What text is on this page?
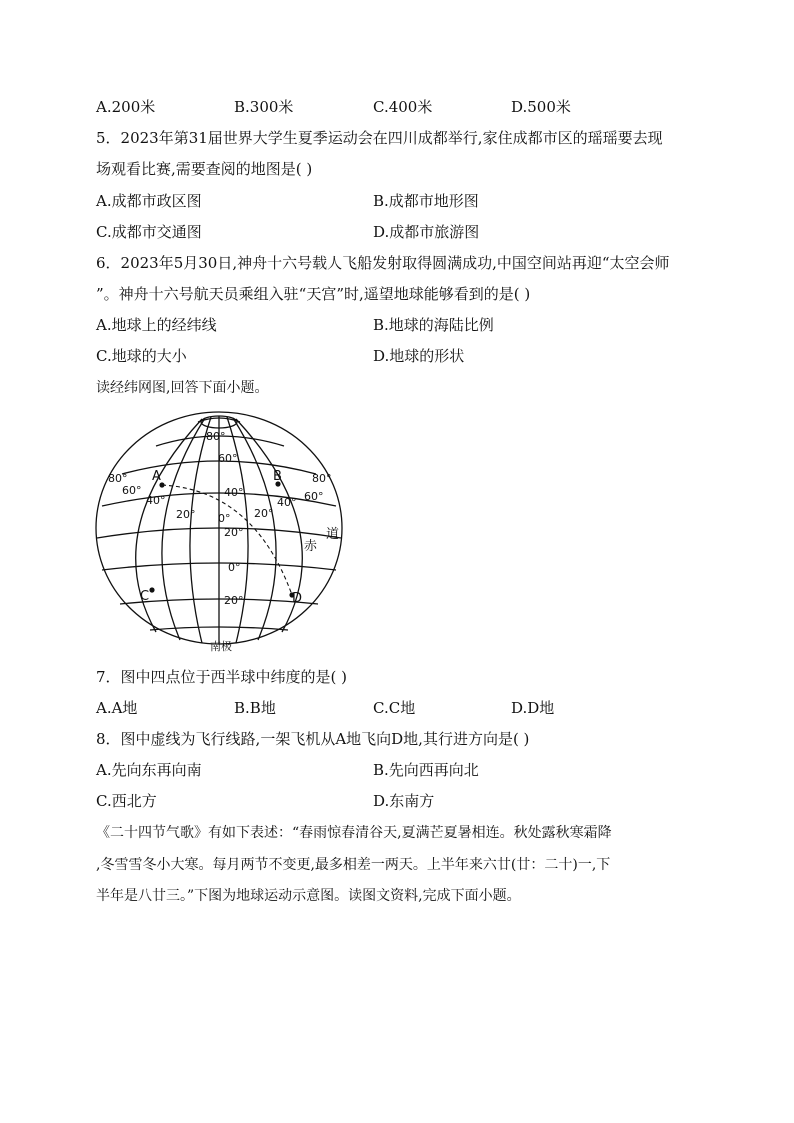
A.200米	B.300米	C.400米	D.500米
5．2023年第31届世界大学生夏季运动会在四川成都举行,家住成都市区的瑶瑶要去现
场观看比赛,需要查阅的地图是( )
A.成都市政区图	B.成都市地形图
C.成都市交通图	D.成都市旅游图
6．2023年5月30日,神舟十六号载人飞船发射取得圆满成功,中国空间站再迎“太空会师
”。神舟十六号航天员乘组入驻“天宫”时,遥望地球能够看到的是( )
A.地球上的经纬线	B.地球的海陆比例
C.地球的大小	D.地球的形状
读经纬网图,回答下面小题。
80°
60°
40°
20°
0°
20°
0°
20°
80°
60°
40°
20°
80°
60°
40°
A	B
C	D
赤
道
南极
7．图中四点位于西半球中纬度的是( )
A.A地	B.B地	C.C地	D.D地
8．图中虚线为飞行线路,一架飞机从A地飞向D地,其行进方向是( )
A.先向东再向南	B.先向西再向北
C.西北方	D.东南方
《二十四节气歌》有如下表述：“春雨惊春清谷天,夏满芒夏暑相连。秋处露秋寒霜降
,冬雪雪冬小大寒。每月两节不变更,最多相差一两天。上半年来六廿(廿：二十)一,下
半年是八廿三。”下图为地球运动示意图。读图文资料,完成下面小题。
